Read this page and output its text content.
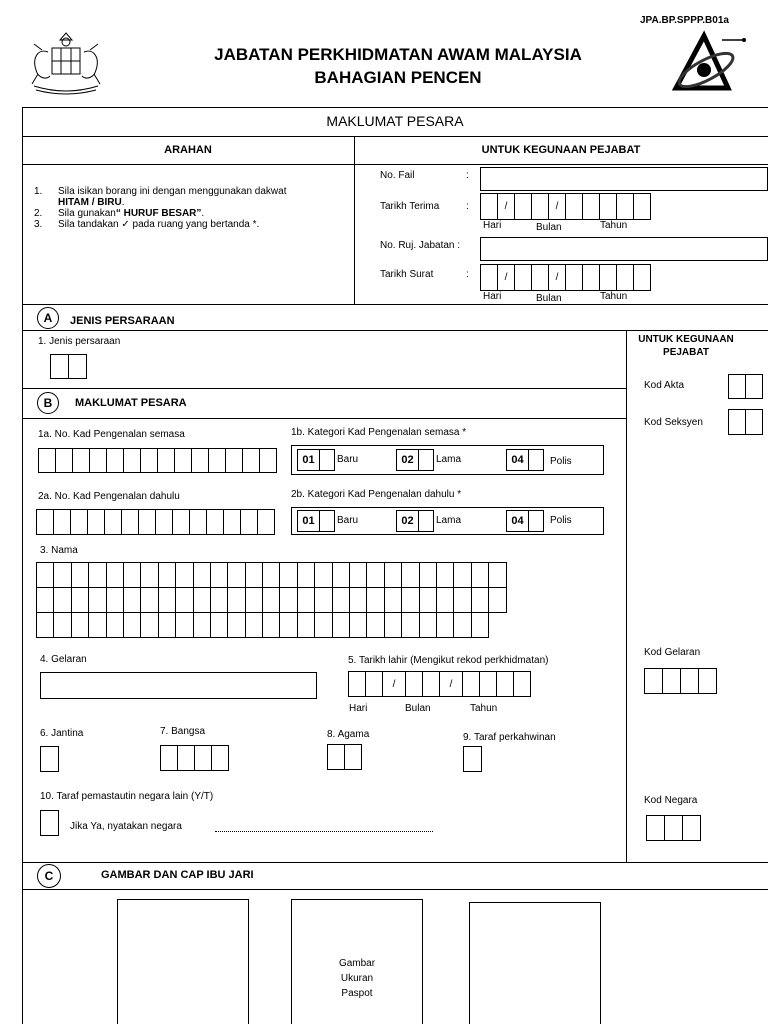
JPA.BP.SPPP.B01a
JABATAN PERKHIDMATAN AWAM MALAYSIA
BAHAGIAN PENCEN
MAKLUMAT PESARA
ARAHAN
1.	Sila isikan borang ini dengan menggunakan dakwat
HITAM / BIRU.
2.	Sila gunakan “ HURUF BESAR” .
3.	Sila tandakan ✓ pada ruang yang bertanda *.
UNTUK KEGUNAAN PEJABAT
No. Fail	:
Tarikh Terima	:	/	/
Hari	Bulan	Tahun
No. Ruj. Jabatan :
Tarikh Surat	:	/	/
Hari	Bulan	Tahun
A	JENIS PERSARAAN
1. Jenis persaraan	UNTUK KEGUNAAN
PEJABAT
Kod Akta
Kod Seksyen
Kod Gelaran
Kod Negara
B	MAKLUMAT PESARA
1a. No. Kad Pengenalan semasa	1b. Kategori Kad Pengenalan semasa *
01	Baru	02	Lama	04	Polis
2a. No. Kad Pengenalan dahulu	2b. Kategori Kad Pengenalan dahulu *
01	Baru	02	Lama	04	Polis
3. Nama
4. Gelaran	5. Tarikh lahir (Mengikut rekod perkhidmatan)
/	/
Hari	Bulan	Tahun
6. Jantina	7. Bangsa	8. Agama	9. Taraf perkahwinan
10. Taraf pemastautin negara lain (Y/T)
Jika Ya, nyatakan negara
C	GAMBAR DAN CAP IBU JARI
Gambar
Ukuran
Paspot
